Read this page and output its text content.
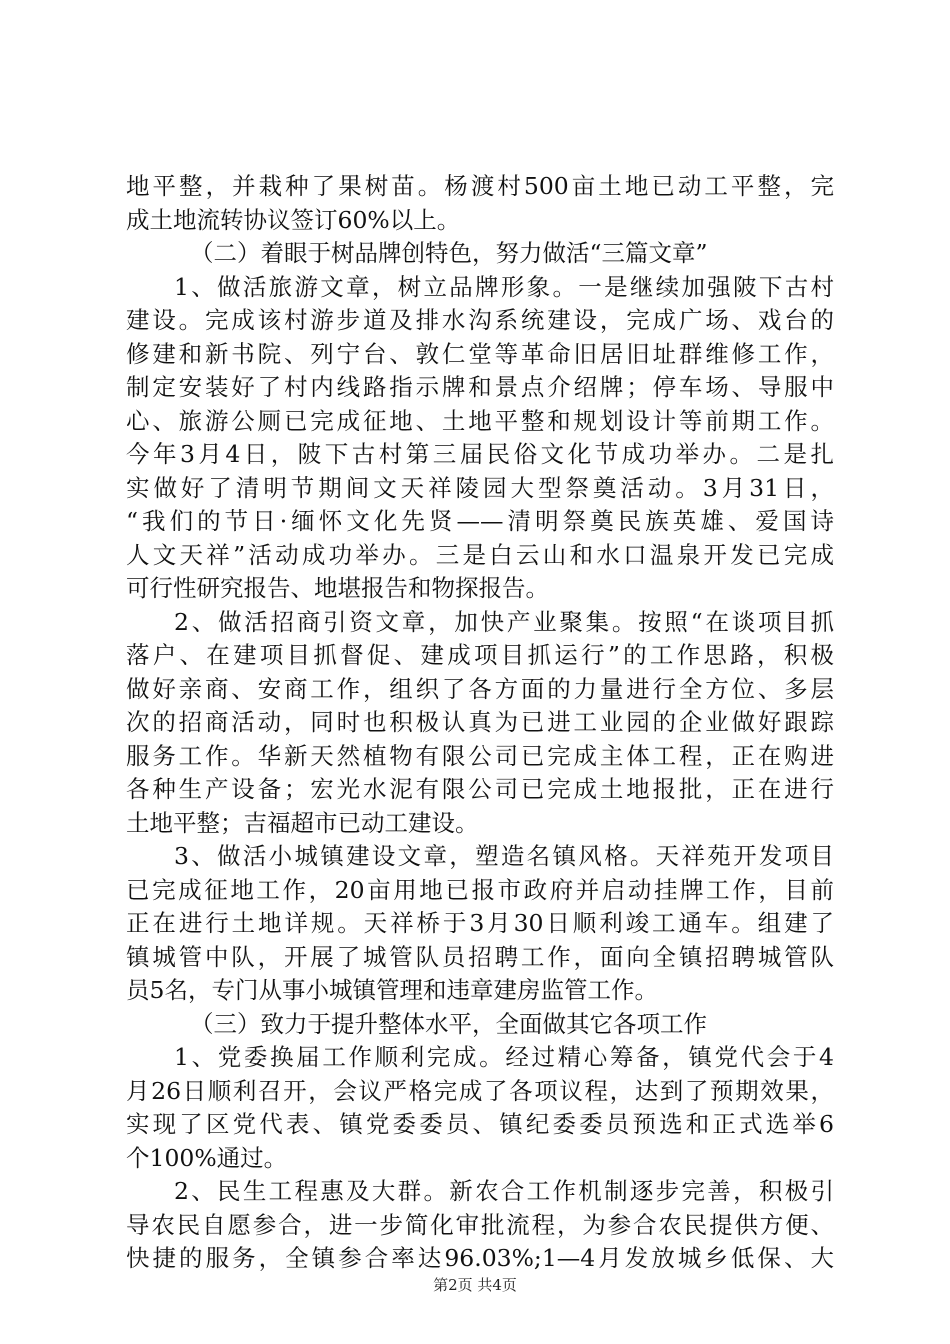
地平整，并栽种了果树苗。杨渡村500亩土地已动工平整，完
成土地流转协议签订60%以上。
（二）着眼于树品牌创特色，努力做活“三篇文章”
1、做活旅游文章，树立品牌形象。一是继续加强陂下古村
建设。完成该村游步道及排水沟系统建设，完成广场、戏台的
修建和新书院、列宁台、敦仁堂等革命旧居旧址群维修工作，
制定安装好了村内线路指示牌和景点介绍牌；停车场、导服中
心、旅游公厕已完成征地、土地平整和规划设计等前期工作。
今年3月4日，陂下古村第三届民俗文化节成功举办。二是扎
实做好了清明节期间文天祥陵园大型祭奠活动。3月31日，
“我们的节日·缅怀文化先贤——清明祭奠民族英雄、爱国诗
人文天祥”活动成功举办。三是白云山和水口温泉开发已完成
可行性研究报告、地堪报告和物探报告。
2、做活招商引资文章，加快产业聚集。按照“在谈项目抓
落户、在建项目抓督促、建成项目抓运行”的工作思路，积极
做好亲商、安商工作，组织了各方面的力量进行全方位、多层
次的招商活动，同时也积极认真为已进工业园的企业做好跟踪
服务工作。华新天然植物有限公司已完成主体工程，正在购进
各种生产设备；宏光水泥有限公司已完成土地报批，正在进行
土地平整；吉福超市已动工建设。
3、做活小城镇建设文章，塑造名镇风格。天祥苑开发项目
已完成征地工作，20亩用地已报市政府并启动挂牌工作，目前
正在进行土地详规。天祥桥于3月30日顺利竣工通车。组建了
镇城管中队，开展了城管队员招聘工作，面向全镇招聘城管队
员5名，专门从事小城镇管理和违章建房监管工作。
（三）致力于提升整体水平，全面做其它各项工作
1、党委换届工作顺利完成。经过精心筹备，镇党代会于4
月26日顺利召开，会议严格完成了各项议程，达到了预期效果，
实现了区党代表、镇党委委员、镇纪委委员预选和正式选举6
个100%通过。
2、民生工程惠及大群。新农合工作机制逐步完善，积极引
导农民自愿参合，进一步简化审批流程，为参合农民提供方便、
快捷的服务，全镇参合率达96.03%;1—4月发放城乡低保、大
第2页 共4页
